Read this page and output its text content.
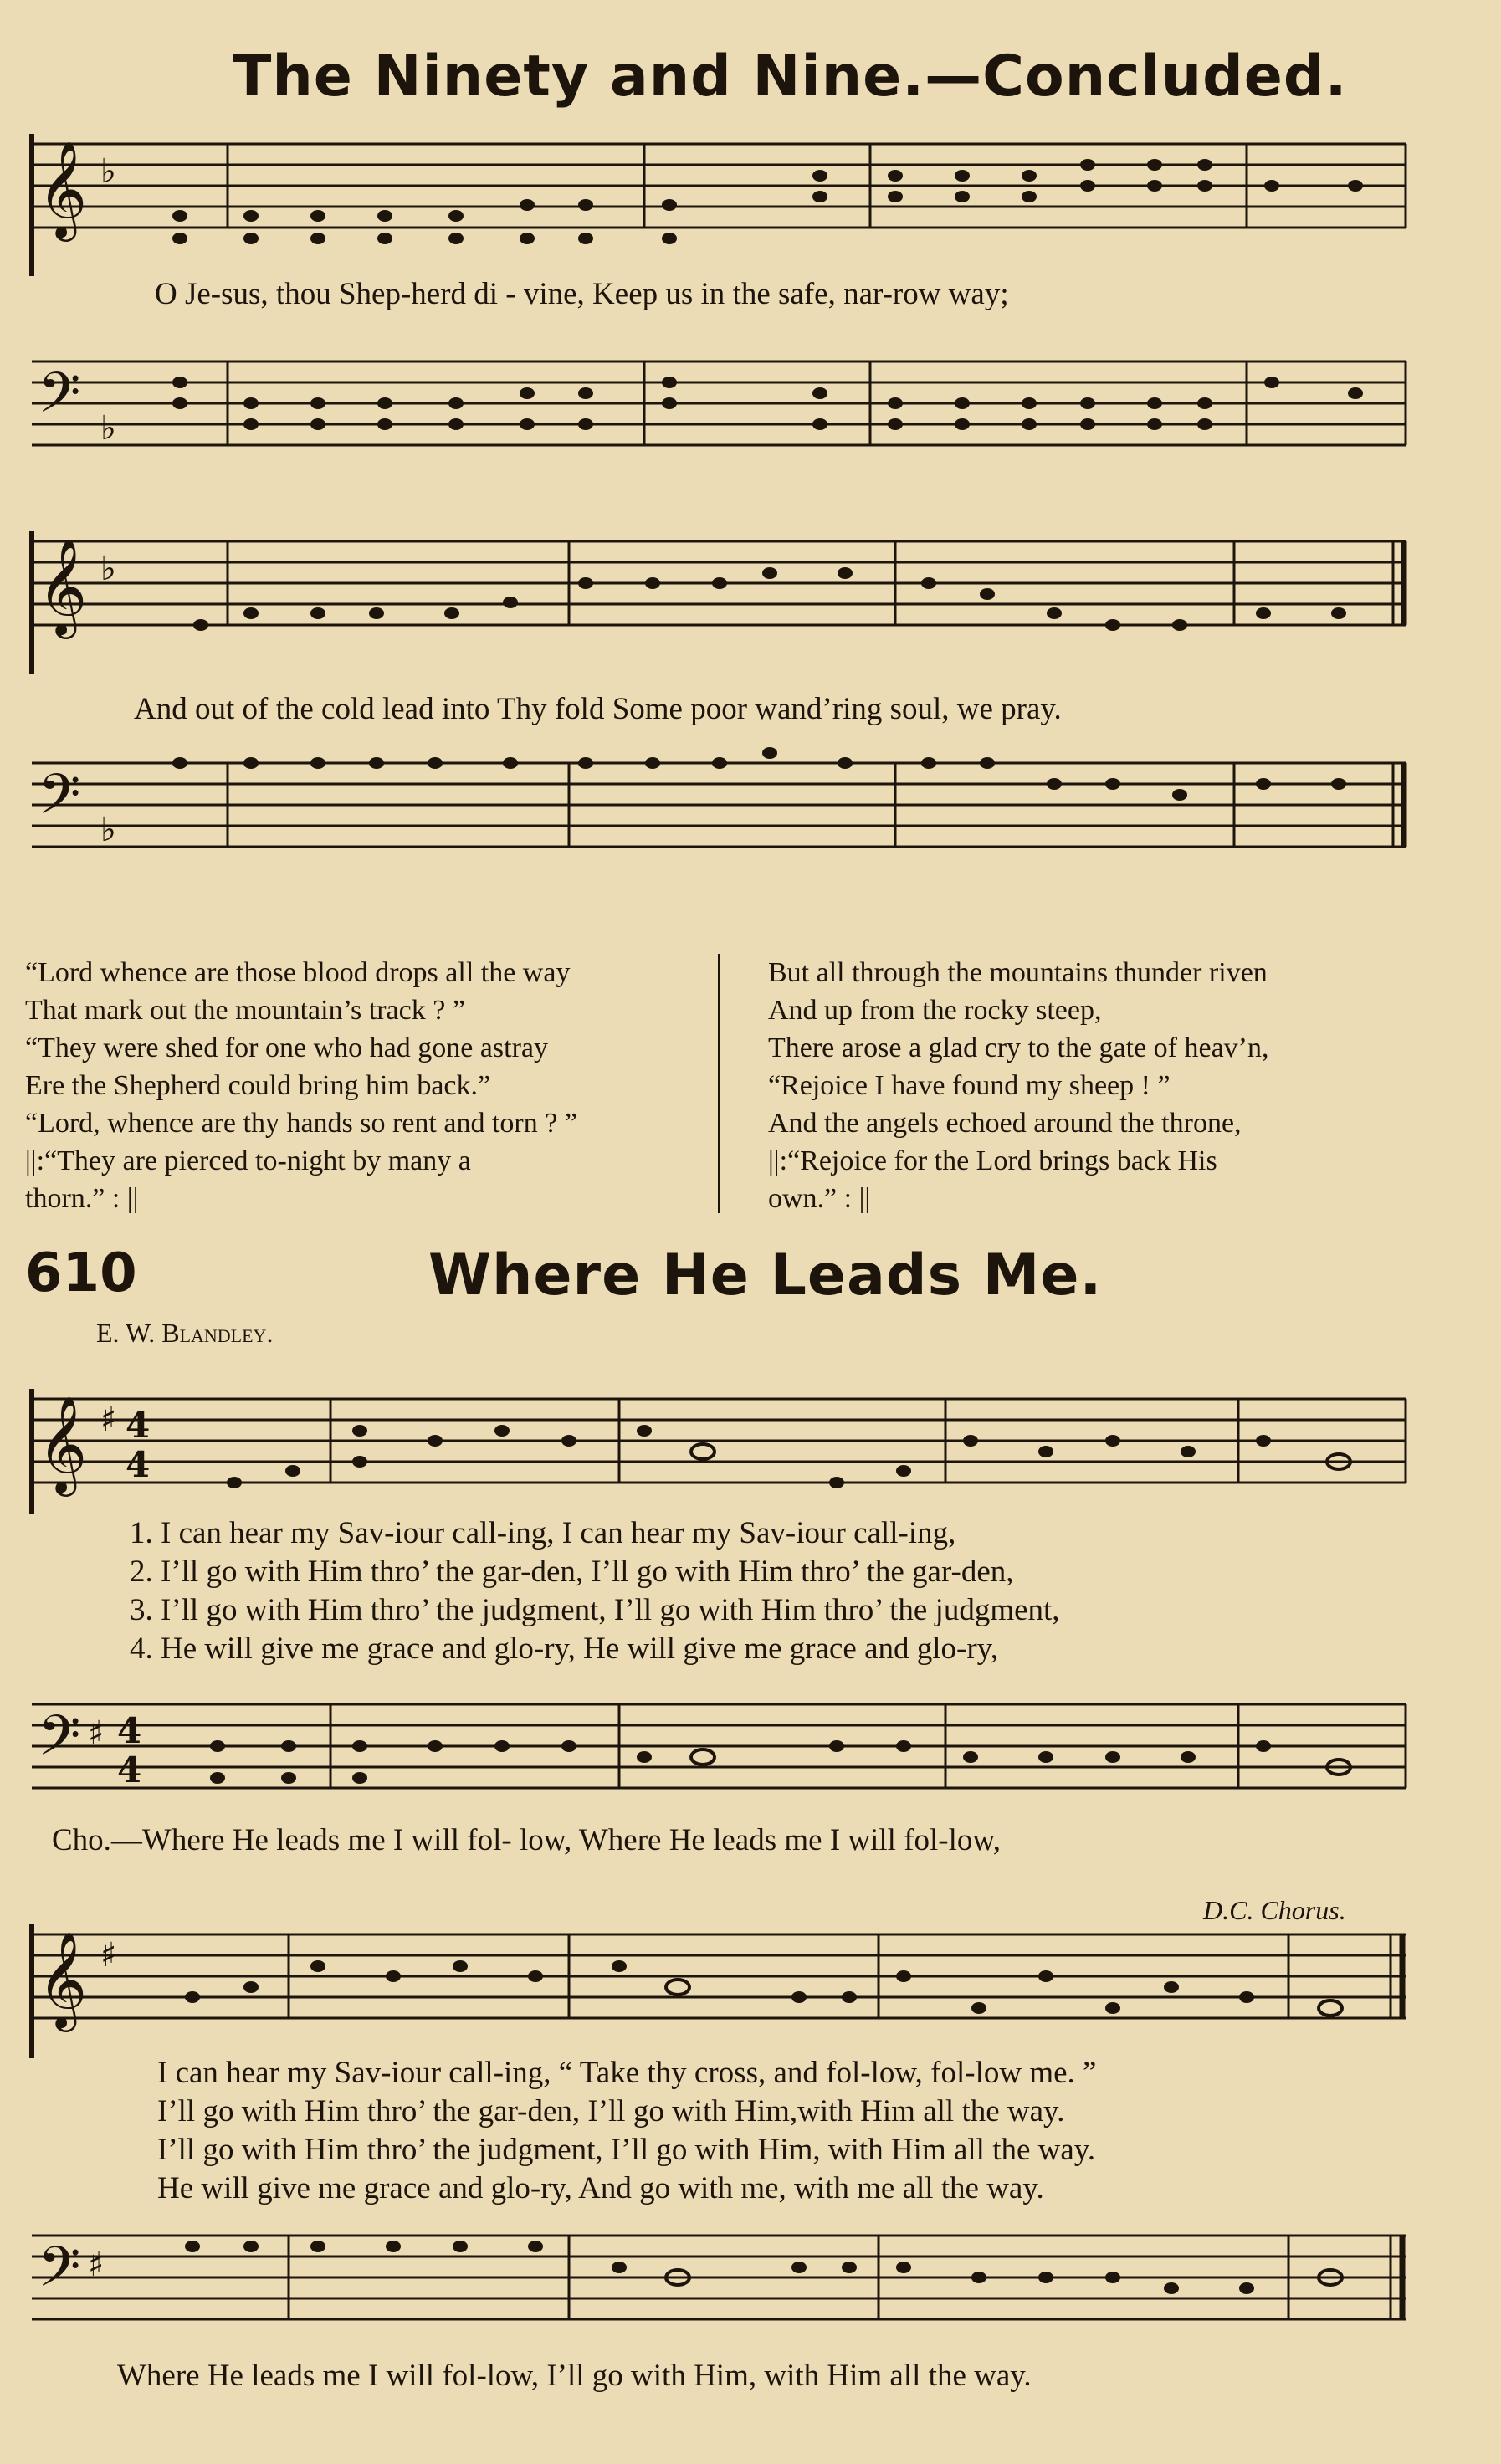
The Ninety and Nine.—Concluded.
𝄞 ♭
O Je-sus, thou Shep-herd di - vine, Keep us in the safe, nar-row way;
𝄢 ♭
𝄞 ♭
And out of the cold lead into Thy fold Some poor wand’ring soul, we pray.
𝄢 ♭
“Lord whence are those blood drops all the way
That mark out the mountain’s track ? ”
“They were shed for one who had gone astray
Ere the Shepherd could bring him back.”
“Lord, whence are thy hands so rent and torn ? ”
||:“They are pierced to-night by many a
thorn.” : ||
But all through the mountains thunder riven
And up from the rocky steep,
There arose a glad cry to the gate of heav’n,
“Rejoice I have found my sheep ! ”
And the angels echoed around the throne,
||:“Rejoice for the Lord brings back His
own.” : ||
610	Where He Leads Me.
E. W. Blandley.
𝄞 ♯ 4
4
1. I can hear my Sav-iour call-ing, I can hear my Sav-iour call-ing,
2. I’ll go with Him thro’ the gar-den, I’ll go with Him thro’ the gar-den,
3. I’ll go with Him thro’ the judgment, I’ll go with Him thro’ the judgment,
4. He will give me grace and glo-ry, He will give me grace and glo-ry,
𝄢 ♯ 4
4
Cho.—Where He leads me I will fol- low, Where He leads me I will fol-low,
D.C. Chorus.
𝄞 ♯
I can hear my Sav-iour call-ing, “ Take thy cross, and fol-low, fol-low me. ”
I’ll go with Him thro’ the gar-den, I’ll go with Him,with Him all the way.
I’ll go with Him thro’ the judgment, I’ll go with Him, with Him all the way.
He will give me grace and glo-ry, And go with me, with me all the way.
𝄢 ♯
Where He leads me I will fol-low, I’ll go with Him, with Him all the way.
